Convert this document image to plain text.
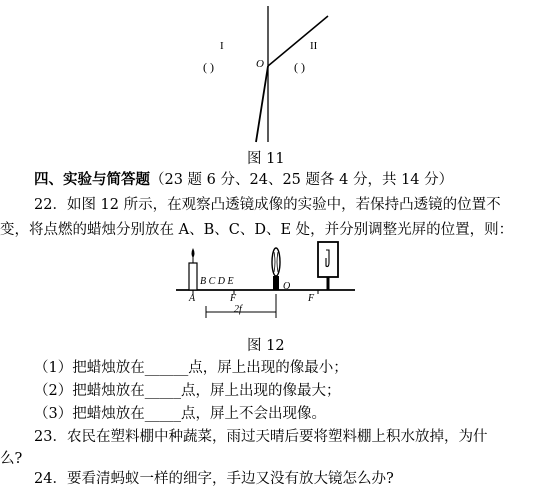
I
( )
II
( )
O
图 11
四、实验与简答题（23 题 6 分、24、25 题各 4 分，共 14 分）
22．如图 12 所示，在观察凸透镜成像的实验中，若保持凸透镜的位置不
变，将点燃的蜡烛分别放在 A、B、C、D、E 处，并分别调整光屏的位置，则：
A
B C D E
F
O
F
2f
图 12
（1）把蜡烛放在______点，屏上出现的像最小；
（2）把蜡烛放在_____点，屏上出现的像最大；
（3）把蜡烛放在_____点，屏上不会出现像。
23．农民在塑料棚中种蔬菜，雨过天晴后要将塑料棚上积水放掉，为什
么?
24．要看清蚂蚁一样的细字，手边又没有放大镜怎么办?
